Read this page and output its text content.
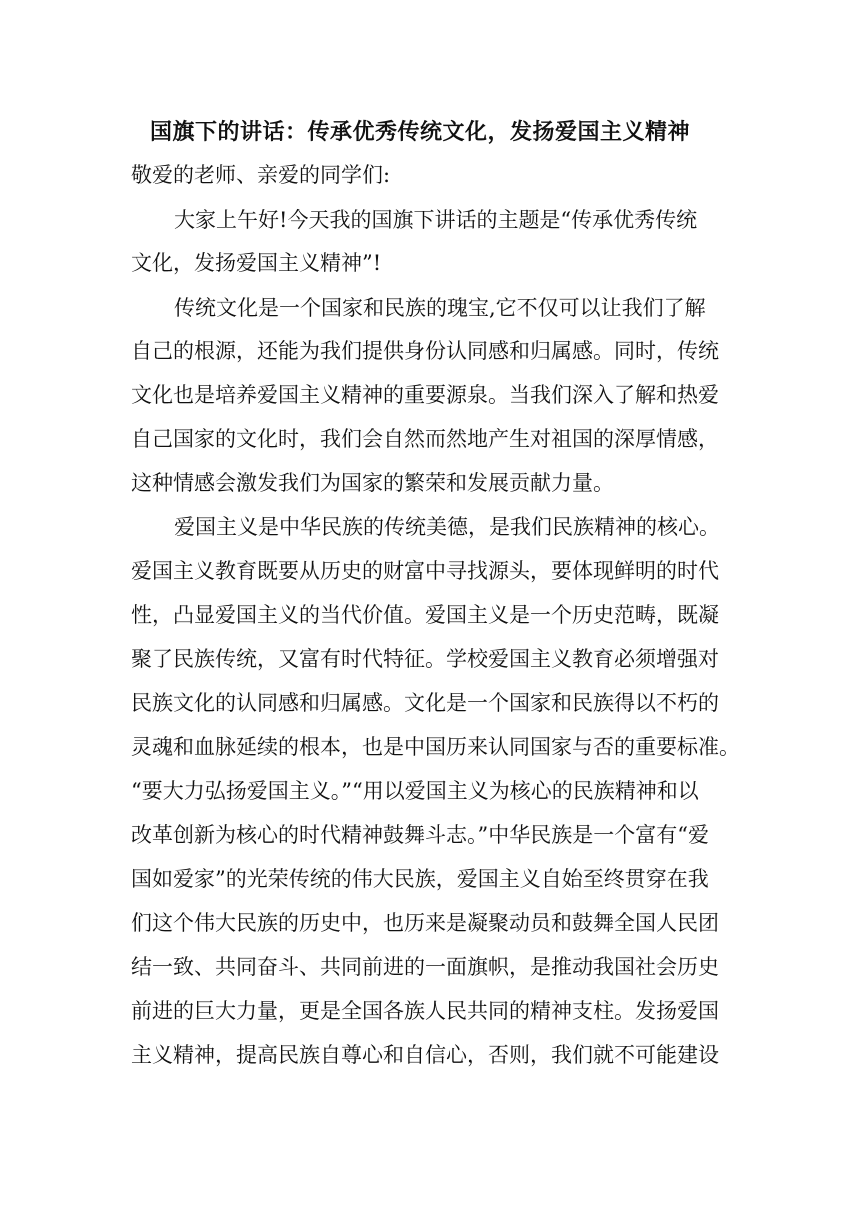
国旗下的讲话：传承优秀传统文化，发扬爱国主义精神
敬爱的老师、亲爱的同学们:
大家上午好!今天我的国旗下讲话的主题是“传承优秀传统
文化，发扬爱国主义精神”!
传统文化是一个国家和民族的瑰宝,它不仅可以让我们了解
自己的根源，还能为我们提供身份认同感和归属感。同时，传统
文化也是培养爱国主义精神的重要源泉。当我们深入了解和热爱
自己国家的文化时，我们会自然而然地产生对祖国的深厚情感，
这种情感会激发我们为国家的繁荣和发展贡献力量。
爱国主义是中华民族的传统美德，是我们民族精神的核心。
爱国主义教育既要从历史的财富中寻找源头，要体现鲜明的时代
性，凸显爱国主义的当代价值。爱国主义是一个历史范畴，既凝
聚了民族传统，又富有时代特征。学校爱国主义教育必须增强对
民族文化的认同感和归属感。文化是一个国家和民族得以不朽的
灵魂和血脉延续的根本，也是中国历来认同国家与否的重要标准。
“要大力弘扬爱国主义。”“用以爱国主义为核心的民族精神和以
改革创新为核心的时代精神鼓舞斗志。”中华民族是一个富有“爱
国如爱家”的光荣传统的伟大民族，爱国主义自始至终贯穿在我
们这个伟大民族的历史中，也历来是凝聚动员和鼓舞全国人民团
结一致、共同奋斗、共同前进的一面旗帜，是推动我国社会历史
前进的巨大力量，更是全国各族人民共同的精神支柱。发扬爱国
主义精神，提高民族自尊心和自信心，否则，我们就不可能建设
